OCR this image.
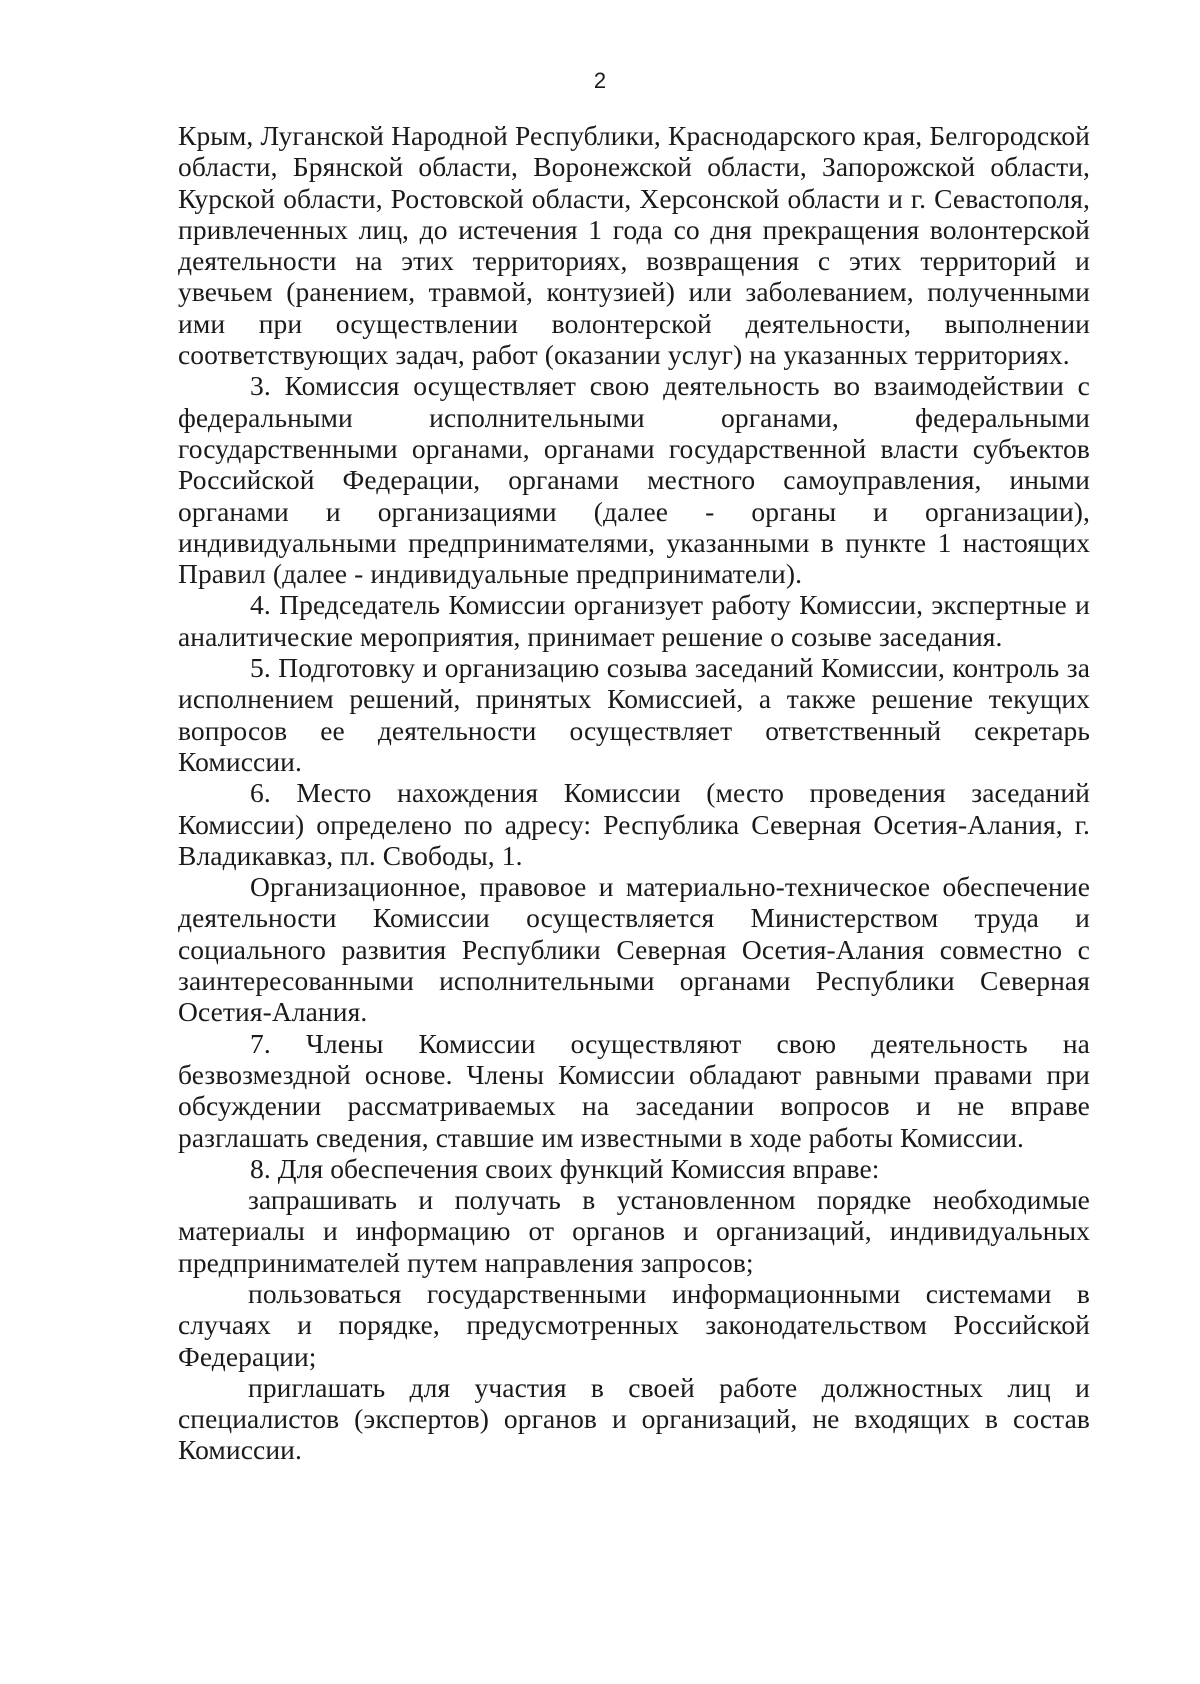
2

Крым, Луганской Народной Республики, Краснодарского края, Белгородской области, Брянской области, Воронежской области, Запорожской области, Курской области, Ростовской области, Херсонской области и г. Севастополя, привлеченных лиц, до истечения 1 года со дня прекращения волонтерской деятельности на этих территориях, возвращения с этих территорий и увечьем (ранением, травмой, контузией) или заболеванием, полученными ими при осуществлении волонтерской деятельности, выполнении соответствующих задач, работ (оказании услуг) на указанных территориях.

3. Комиссия осуществляет свою деятельность во взаимодействии с федеральными исполнительными органами, федеральными государственными органами, органами государственной власти субъектов Российской Федерации, органами местного самоуправления, иными органами и организациями (далее - органы и организации), индивидуальными предпринимателями, указанными в пункте 1 настоящих Правил (далее - индивидуальные предприниматели).

4. Председатель Комиссии организует работу Комиссии, экспертные и аналитические мероприятия, принимает решение о созыве заседания.

5. Подготовку и организацию созыва заседаний Комиссии, контроль за исполнением решений, принятых Комиссией, а также решение текущих вопросов ее деятельности осуществляет ответственный секретарь Комиссии.

6. Место нахождения Комиссии (место проведения заседаний Комиссии) определено по адресу: Республика Северная Осетия-Алания, г. Владикавказ, пл. Свободы, 1.

Организационное, правовое и материально-техническое обеспечение деятельности Комиссии осуществляется Министерством труда и социального развития Республики Северная Осетия-Алания совместно с заинтересованными исполнительными органами Республики Северная Осетия-Алания.

7. Члены Комиссии осуществляют свою деятельность на безвозмездной основе. Члены Комиссии обладают равными правами при обсуждении рассматриваемых на заседании вопросов и не вправе разглашать сведения, ставшие им известными в ходе работы Комиссии.

8. Для обеспечения своих функций Комиссия вправе:

запрашивать и получать в установленном порядке необходимые материалы и информацию от органов и организаций, индивидуальных предпринимателей путем направления запросов;

пользоваться государственными информационными системами в случаях и порядке, предусмотренных законодательством Российской Федерации;

приглашать для участия в своей работе должностных лиц и специалистов (экспертов) органов и организаций, не входящих в состав Комиссии.
